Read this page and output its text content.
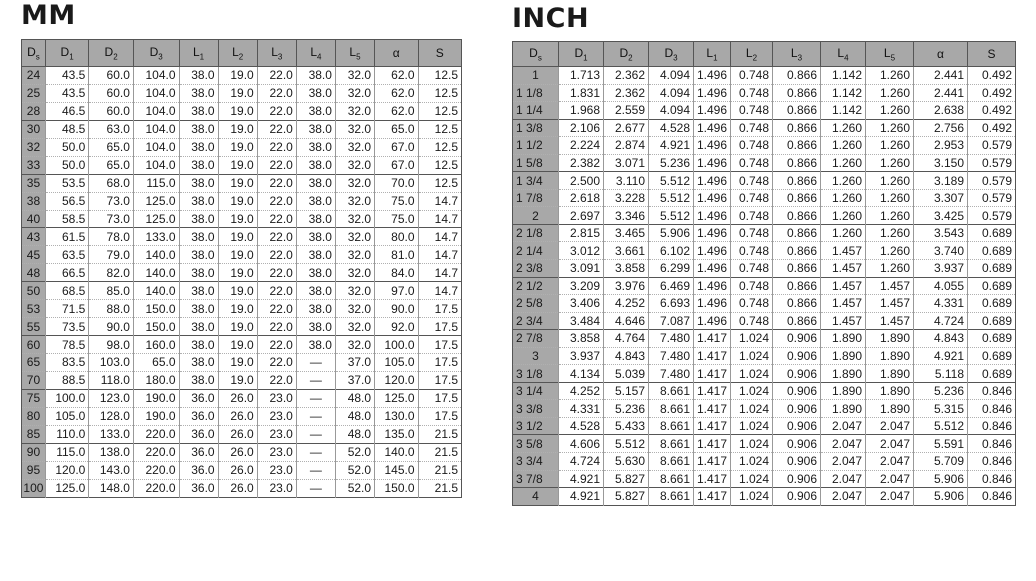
MM
$D_s$	$D_1$	$D_2$	$D_3$	$L_1$	$L_2$	$L_3$	$L_4$	$L_5$	α	S
24	43.5	60.0	104.0	38.0	19.0	22.0	38.0	32.0	62.0	12.5
25	43.5	60.0	104.0	38.0	19.0	22.0	38.0	32.0	62.0	12.5
28	46.5	60.0	104.0	38.0	19.0	22.0	38.0	32.0	62.0	12.5
30	48.5	63.0	104.0	38.0	19.0	22.0	38.0	32.0	65.0	12.5
32	50.0	65.0	104.0	38.0	19.0	22.0	38.0	32.0	67.0	12.5
33	50.0	65.0	104.0	38.0	19.0	22.0	38.0	32.0	67.0	12.5
35	53.5	68.0	115.0	38.0	19.0	22.0	38.0	32.0	70.0	12.5
38	56.5	73.0	125.0	38.0	19.0	22.0	38.0	32.0	75.0	14.7
40	58.5	73.0	125.0	38.0	19.0	22.0	38.0	32.0	75.0	14.7
43	61.5	78.0	133.0	38.0	19.0	22.0	38.0	32.0	80.0	14.7
45	63.5	79.0	140.0	38.0	19.0	22.0	38.0	32.0	81.0	14.7
48	66.5	82.0	140.0	38.0	19.0	22.0	38.0	32.0	84.0	14.7
50	68.5	85.0	140.0	38.0	19.0	22.0	38.0	32.0	97.0	14.7
53	71.5	88.0	150.0	38.0	19.0	22.0	38.0	32.0	90.0	17.5
55	73.5	90.0	150.0	38.0	19.0	22.0	38.0	32.0	92.0	17.5
60	78.5	98.0	160.0	38.0	19.0	22.0	38.0	32.0	100.0	17.5
65	83.5	103.0	65.0	38.0	19.0	22.0	—	37.0	105.0	17.5
70	88.5	118.0	180.0	38.0	19.0	22.0	—	37.0	120.0	17.5
75	100.0	123.0	190.0	36.0	26.0	23.0	—	48.0	125.0	17.5
80	105.0	128.0	190.0	36.0	26.0	23.0	—	48.0	130.0	17.5
85	110.0	133.0	220.0	36.0	26.0	23.0	—	48.0	135.0	21.5
90	115.0	138.0	220.0	36.0	26.0	23.0	—	52.0	140.0	21.5
95	120.0	143.0	220.0	36.0	26.0	23.0	—	52.0	145.0	21.5
100	125.0	148.0	220.0	36.0	26.0	23.0	—	52.0	150.0	21.5
INCH
$D_s$	$D_1$	$D_2$	$D_3$	$L_1$	$L_2$	$L_3$	$L_4$	$L_5$	α	S
1	1.713	2.362	4.094	1.496	0.748	0.866	1.142	1.260	2.441	0.492
1 1/8	1.831	2.362	4.094	1.496	0.748	0.866	1.142	1.260	2.441	0.492
1 1/4	1.968	2.559	4.094	1.496	0.748	0.866	1.142	1.260	2.638	0.492
1 3/8	2.106	2.677	4.528	1.496	0.748	0.866	1.260	1.260	2.756	0.492
1 1/2	2.224	2.874	4.921	1.496	0.748	0.866	1.260	1.260	2.953	0.579
1 5/8	2.382	3.071	5.236	1.496	0.748	0.866	1.260	1.260	3.150	0.579
1 3/4	2.500	3.110	5.512	1.496	0.748	0.866	1.260	1.260	3.189	0.579
1 7/8	2.618	3.228	5.512	1.496	0.748	0.866	1.260	1.260	3.307	0.579
2	2.697	3.346	5.512	1.496	0.748	0.866	1.260	1.260	3.425	0.579
2 1/8	2.815	3.465	5.906	1.496	0.748	0.866	1.260	1.260	3.543	0.689
2 1/4	3.012	3.661	6.102	1.496	0.748	0.866	1.457	1.260	3.740	0.689
2 3/8	3.091	3.858	6.299	1.496	0.748	0.866	1.457	1.260	3.937	0.689
2 1/2	3.209	3.976	6.469	1.496	0.748	0.866	1.457	1.457	4.055	0.689
2 5/8	3.406	4.252	6.693	1.496	0.748	0.866	1.457	1.457	4.331	0.689
2 3/4	3.484	4.646	7.087	1.496	0.748	0.866	1.457	1.457	4.724	0.689
2 7/8	3.858	4.764	7.480	1.417	1.024	0.906	1.890	1.890	4.843	0.689
3	3.937	4.843	7.480	1.417	1.024	0.906	1.890	1.890	4.921	0.689
3 1/8	4.134	5.039	7.480	1.417	1.024	0.906	1.890	1.890	5.118	0.689
3 1/4	4.252	5.157	8.661	1.417	1.024	0.906	1.890	1.890	5.236	0.846
3 3/8	4.331	5.236	8.661	1.417	1.024	0.906	1.890	1.890	5.315	0.846
3 1/2	4.528	5.433	8.661	1.417	1.024	0.906	2.047	2.047	5.512	0.846
3 5/8	4.606	5.512	8.661	1.417	1.024	0.906	2.047	2.047	5.591	0.846
3 3/4	4.724	5.630	8.661	1.417	1.024	0.906	2.047	2.047	5.709	0.846
3 7/8	4.921	5.827	8.661	1.417	1.024	0.906	2.047	2.047	5.906	0.846
4	4.921	5.827	8.661	1.417	1.024	0.906	2.047	2.047	5.906	0.846
